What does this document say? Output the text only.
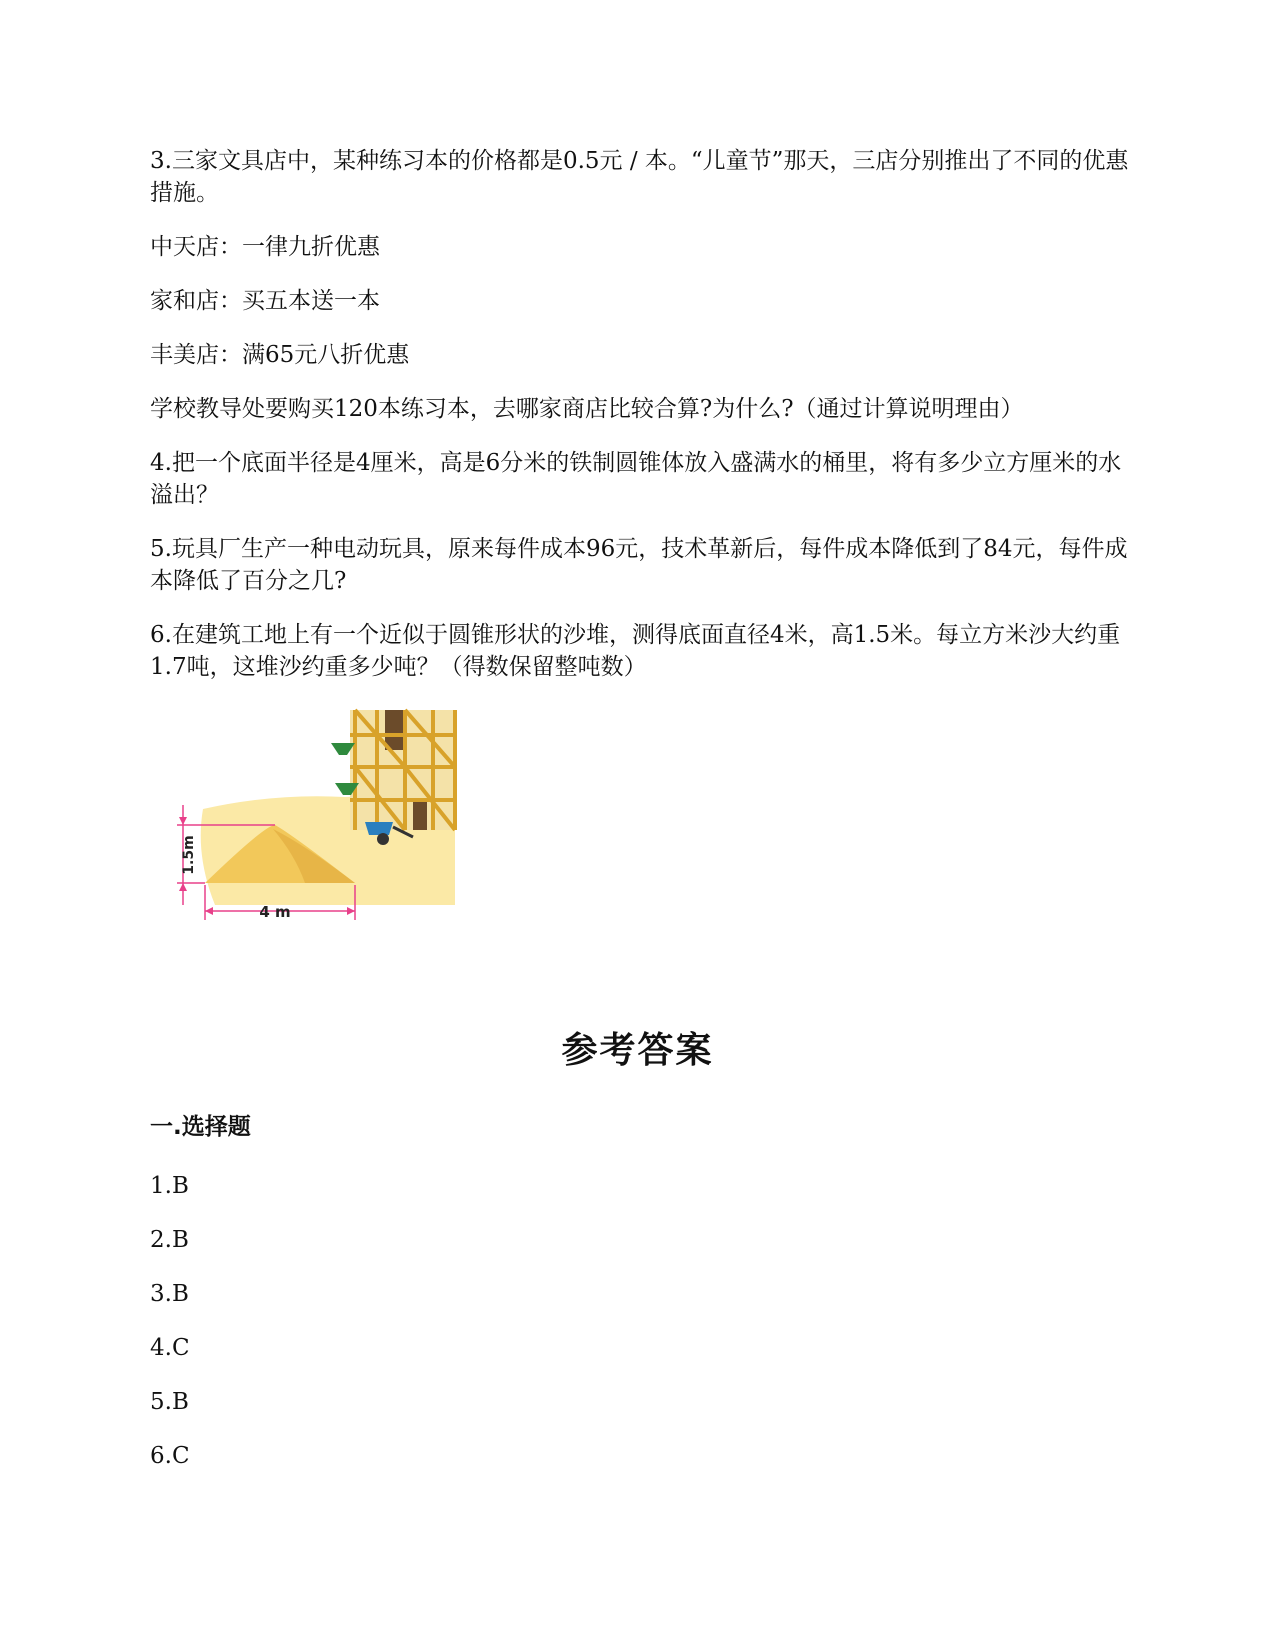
3.三家文具店中，某种练习本的价格都是0.5元 / 本。“儿童节”那天，三店分别推出了不同的优惠措施。

中天店：一律九折优惠

家和店：买五本送一本

丰美店：满65元八折优惠

学校教导处要购买120本练习本，去哪家商店比较合算?为什么?（通过计算说明理由）

4.把一个底面半径是4厘米，高是6分米的铁制圆锥体放入盛满水的桶里，将有多少立方厘米的水溢出？

5.玩具厂生产一种电动玩具，原来每件成本96元，技术革新后，每件成本降低到了84元，每件成本降低了百分之几?

6.在建筑工地上有一个近似于圆锥形状的沙堆，测得底面直径4米，高1.5米。每立方米沙大约重1.7吨，这堆沙约重多少吨？（得数保留整吨数）

1.5m
4 m
参考答案
一.选择题
1.B
2.B
3.B
4.C
5.B
6.C
